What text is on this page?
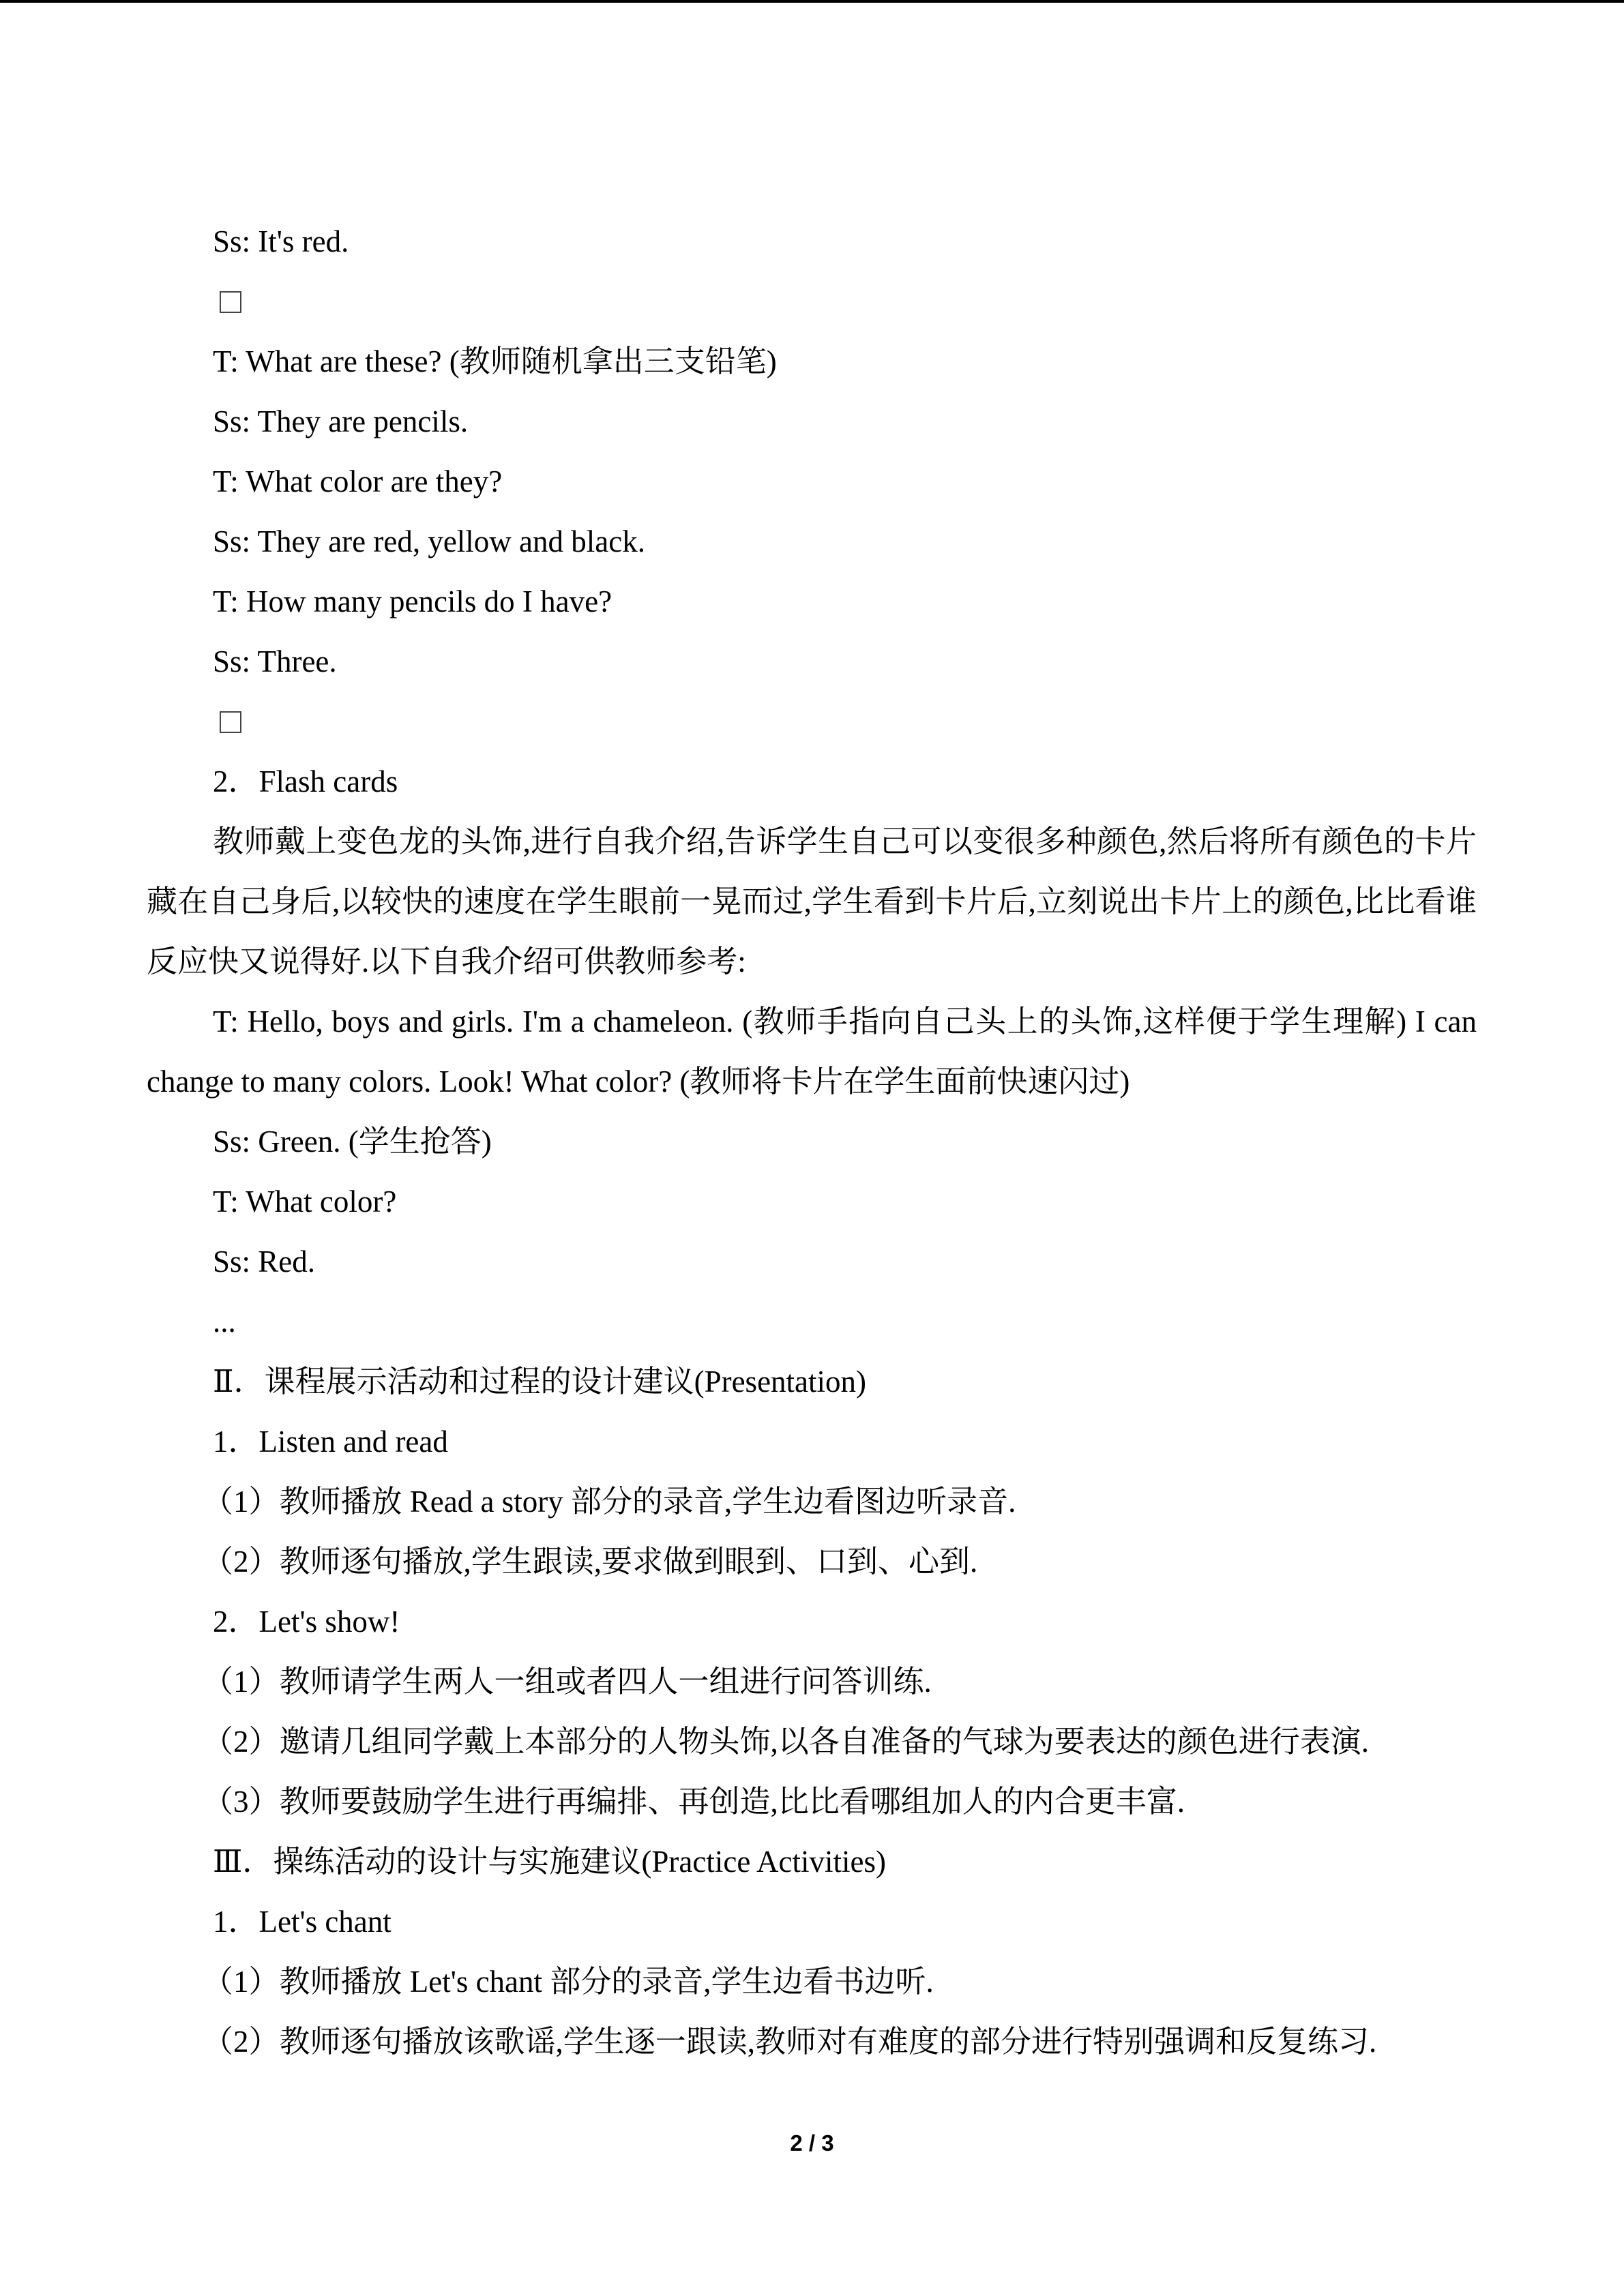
Ss: It's red.
T: What are these? (教师随机拿出三支铅笔)
Ss: They are pencils.
T: What color are they?
Ss: They are red, yellow and black.
T: How many pencils do I have?
Ss: Three.
2．Flash cards
教师戴上变色龙的头饰,进行自我介绍,告诉学生自己可以变很多种颜色,然后将所有颜色的卡片藏在自己身后,以较快的速度在学生眼前一晃而过,学生看到卡片后,立刻说出卡片上的颜色,比比看谁反应快又说得好.以下自我介绍可供教师参考:
T: Hello, boys and girls. I'm a chameleon. (教师手指向自己头上的头饰,这样便于学生理解) I can change to many colors. Look! What color? (教师将卡片在学生面前快速闪过)
Ss: Green. (学生抢答)
T: What color?
Ss: Red.
...
Ⅱ．课程展示活动和过程的设计建议(Presentation)
1．Listen and read
（1）教师播放 Read a story 部分的录音,学生边看图边听录音.
（2）教师逐句播放,学生跟读,要求做到眼到、口到、心到.
2．Let's show!
（1）教师请学生两人一组或者四人一组进行问答训练.
（2）邀请几组同学戴上本部分的人物头饰,以各自准备的气球为要表达的颜色进行表演.
（3）教师要鼓励学生进行再编排、再创造,比比看哪组加人的内合更丰富.
Ⅲ．操练活动的设计与实施建议(Practice Activities)
1．Let's chant
（1）教师播放 Let's chant 部分的录音,学生边看书边听.
（2）教师逐句播放该歌谣,学生逐一跟读,教师对有难度的部分进行特别强调和反复练习.
2 / 3
